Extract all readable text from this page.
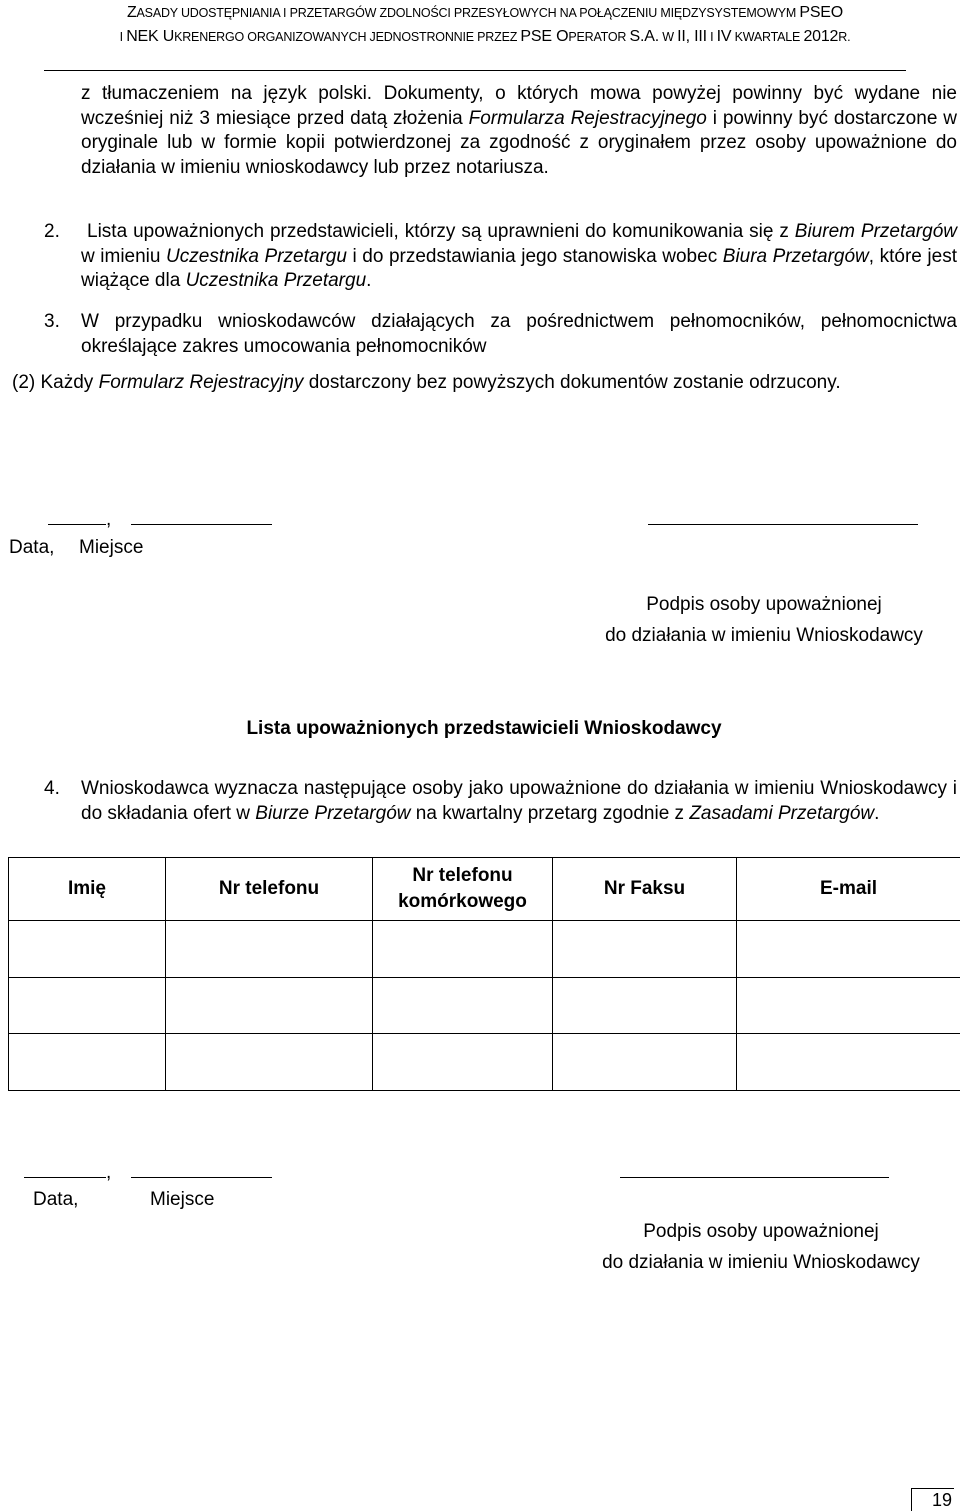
ZASADY UDOSTĘPNIANIA I PRZETARGÓW ZDOLNOŚCI PRZESYŁOWYCH NA POŁĄCZENIU MIĘDZYSYSTEMOWYM PSEO
I NEK UKRENERGO ORGANIZOWANYCH JEDNOSTRONNIE PRZEZ PSE OPERATOR S.A. W II, III I IV KWARTALE 2012R.
z tłumaczeniem na język polski. Dokumenty, o których mowa powyżej powinny być wydane nie wcześniej niż 3 miesiące przed datą złożenia Formularza Rejestracyjnego i powinny być dostarczone w oryginale lub w formie kopii potwierdzonej za zgodność z oryginałem przez osoby upoważnione do działania w imieniu wnioskodawcy lub przez notariusza.
2.	Lista upoważnionych przedstawicieli, którzy są uprawnieni do komunikowania się z Biurem Przetargów w imieniu Uczestnika Przetargu i do przedstawiania jego stanowiska wobec Biura Przetargów, które jest wiążące dla Uczestnika Przetargu.
3.	W przypadku wnioskodawców działających za pośrednictwem pełnomocników, pełnomocnictwa określające zakres umocowania pełnomocników
(2) Każdy Formularz Rejestracyjny dostarczony bez powyższych dokumentów zostanie odrzucony.
,
Data, Miejsce
Podpis osoby upoważnionej
do działania w imieniu Wnioskodawcy
Lista upoważnionych przedstawicieli Wnioskodawcy
4.	Wnioskodawca wyznacza następujące osoby jako upoważnione do działania w imieniu Wnioskodawcy i do składania ofert w Biurze Przetargów na kwartalny przetarg zgodnie z Zasadami Przetargów.
Imię	Nr telefonu	Nr telefonu komórkowego	Nr Faksu	E-mail

,
Data,	Miejsce
Podpis osoby upoważnionej
do działania w imieniu Wnioskodawcy
19
